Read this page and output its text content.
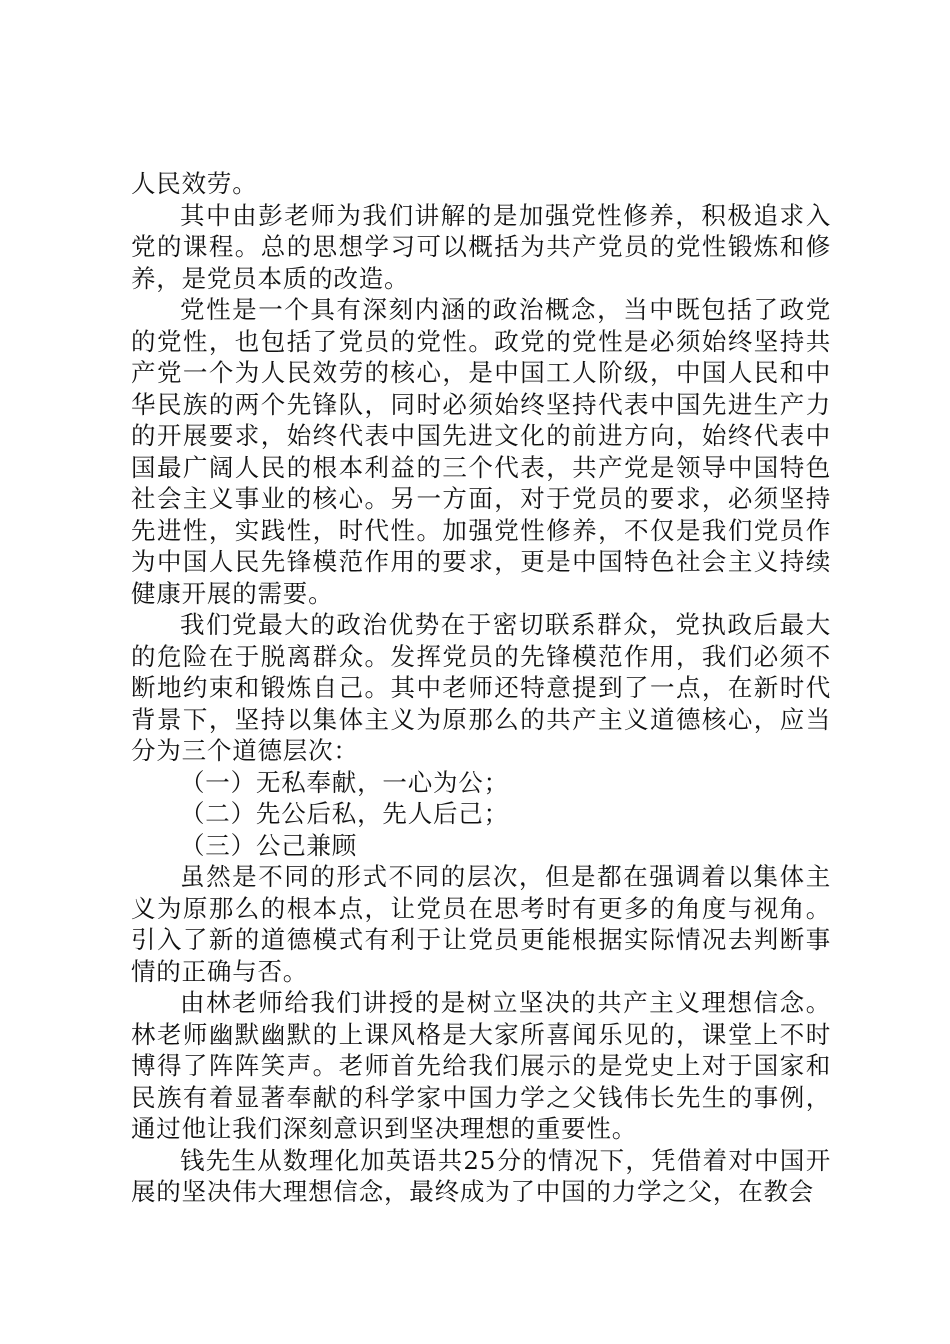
人民效劳。

其中由彭老师为我们讲解的是加强党性修养，积极追求入党的课程。总的思想学习可以概括为共产党员的党性锻炼和修养，是党员本质的改造。

党性是一个具有深刻内涵的政治概念，当中既包括了政党的党性，也包括了党员的党性。政党的党性是必须始终坚持共产党一个为人民效劳的核心，是中国工人阶级，中国人民和中华民族的两个先锋队，同时必须始终坚持代表中国先进生产力的开展要求，始终代表中国先进文化的前进方向，始终代表中国最广阔人民的根本利益的三个代表，共产党是领导中国特色社会主义事业的核心。另一方面，对于党员的要求，必须坚持先进性，实践性，时代性。加强党性修养，不仅是我们党员作为中国人民先锋模范作用的要求，更是中国特色社会主义持续健康开展的需要。

我们党最大的政治优势在于密切联系群众，党执政后最大的危险在于脱离群众。发挥党员的先锋模范作用，我们必须不断地约束和锻炼自己。其中老师还特意提到了一点，在新时代背景下，坚持以集体主义为原那么的共产主义道德核心，应当分为三个道德层次：

（一）无私奉献，一心为公；

（二）先公后私，先人后己；

（三）公己兼顾

虽然是不同的形式不同的层次，但是都在强调着以集体主义为原那么的根本点，让党员在思考时有更多的角度与视角。引入了新的道德模式有利于让党员更能根据实际情况去判断事情的正确与否。

由林老师给我们讲授的是树立坚决的共产主义理想信念。林老师幽默幽默的上课风格是大家所喜闻乐见的，课堂上不时博得了阵阵笑声。老师首先给我们展示的是党史上对于国家和民族有着显著奉献的科学家中国力学之父钱伟长先生的事例，通过他让我们深刻意识到坚决理想的重要性。

钱先生从数理化加英语共25分的情况下，凭借着对中国开展的坚决伟大理想信念，最终成为了中国的力学之父，在教会
